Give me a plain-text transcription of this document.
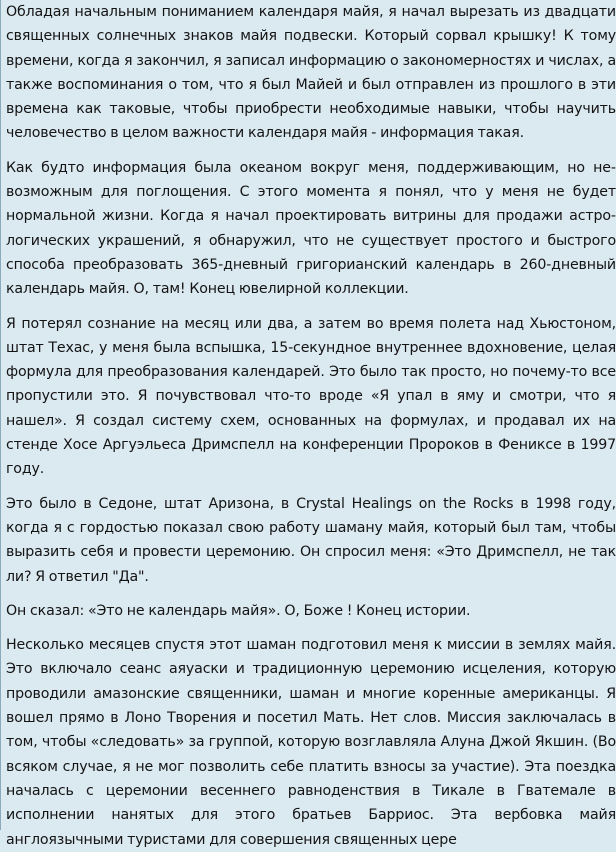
Обладая начальным пониманием календаря майя, я начал вырезать из двадцати священных солнечных знаков майя подвески. Который сорвал крышку! К тому времени, когда я закончил, я записал информацию о закономерностях и числах, а также воспоминания о том, что я был Майей и был отправлен из прошлого в эти времена как таковые, чтобы приобрести необходимые навыки, чтобы научить человечество в целом важности календаря майя - информация такая.

Как будто информация была океаном вокруг меня, поддерживающим, но невозможным для поглощения. С этого момента я понял, что у меня не будет нормальной жизни. Когда я начал проектировать витрины для продажи астрологических украшений, я обнаружил, что не существует простого и быстрого способа преобразовать 365-дневный григорианский календарь в 260-дневный календарь майя. О, там! Конец ювелирной коллекции.

Я потерял сознание на месяц или два, а затем во время полета над Хьюстоном, штат Техас, у меня была вспышка, 15-секундное внутреннее вдохновение, целая формула для преобразования календарей. Это было так просто, но почему-то все пропустили это. Я почувствовал что-то вроде «Я упал в яму и смотри, что я нашел». Я создал систему схем, основанных на формулах, и продавал их на стенде Хосе Аргуэльеса Дримспелл на конференции Пророков в Фениксе в 1997 году.

Это было в Седоне, штат Аризона, в Crystal Healings on the Rocks в 1998 году, когда я с гордостью показал свою работу шаману майя, который был там, чтобы выразить себя и провести церемонию. Он спросил меня: «Это Дримспелл, не так ли? Я ответил "Да".

Он сказал: «Это не календарь майя». О, Боже ! Конец истории.

Несколько месяцев спустя этот шаман подготовил меня к миссии в землях майя. Это включало сеанс аяуаски и традиционную церемонию исцеления, которую проводили амазонские священники, шаман и многие коренные американцы. Я вошел прямо в Лоно Творения и посетил Мать. Нет слов. Миссия заключалась в том, чтобы «следовать» за группой, которую возглавляла Алуна Джой Якшин. (Во всяком случае, я не мог позволить себе платить взносы за участие). Эта поездка началась с церемонии весеннего равноденствия в Тикале в Гватемале в исполнении нанятых для этого братьев Барриос. Эта вербовка майя англоязычными туристами для совершения священных цере
